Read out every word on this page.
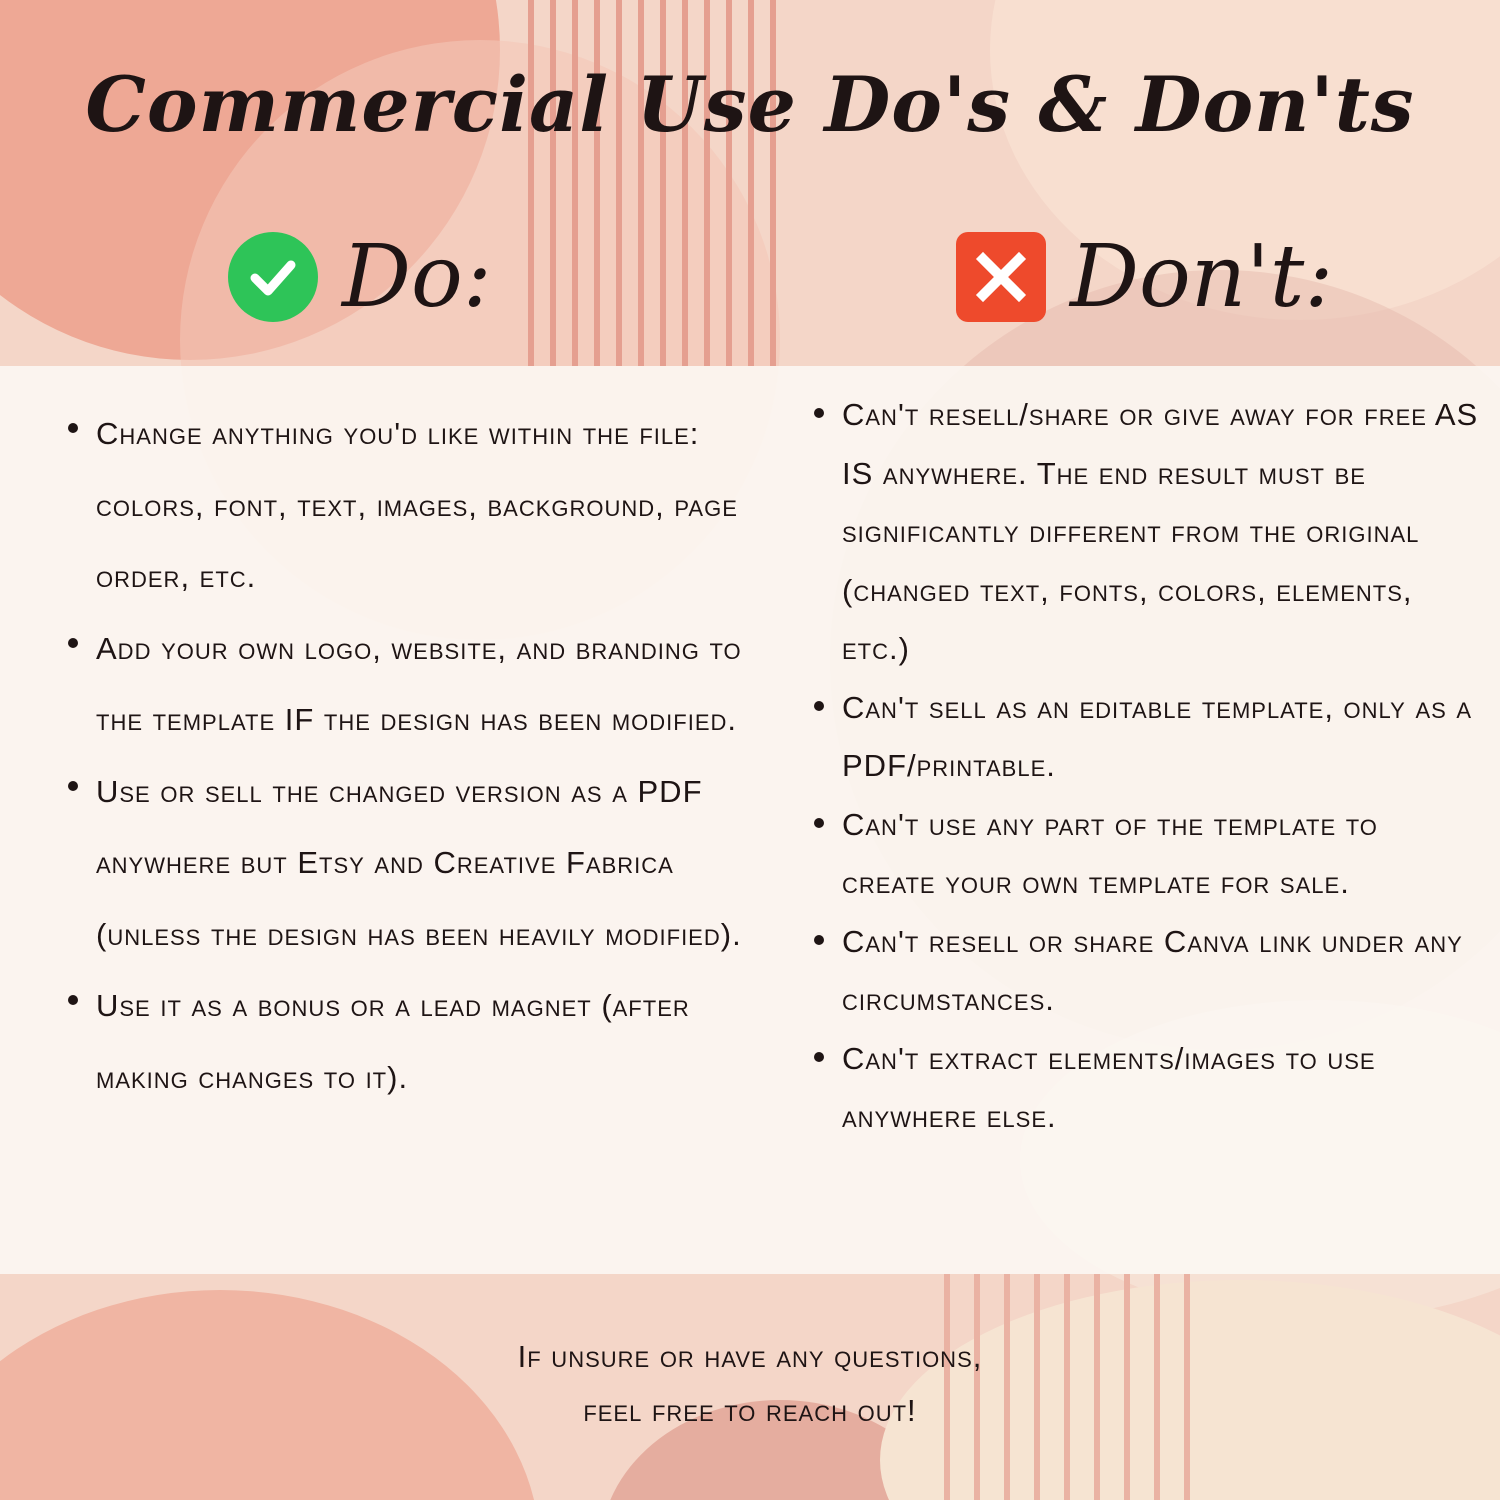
Commercial Use Do's & Don'ts
Do:	Don't:
Change anything you'd like within the file: colors, font, text, images, background, page order, etc.
Add your own logo, website, and branding to the template IF the design has been modified.
Use or sell the changed version as a PDF anywhere but Etsy and Creative Fabrica (unless the design has been heavily modified).
Use it as a bonus or a lead magnet (after making changes to it).
Can't resell/share or give away for free AS IS anywhere. The end result must be significantly different from the original (changed text, fonts, colors, elements, etc.)
Can't sell as an editable template, only as a PDF/printable.
Can't use any part of the template to create your own template for sale.
Can't resell or share Canva link under any circumstances.
Can't extract elements/images to use anywhere else.
If unsure or have any questions,
feel free to reach out!
